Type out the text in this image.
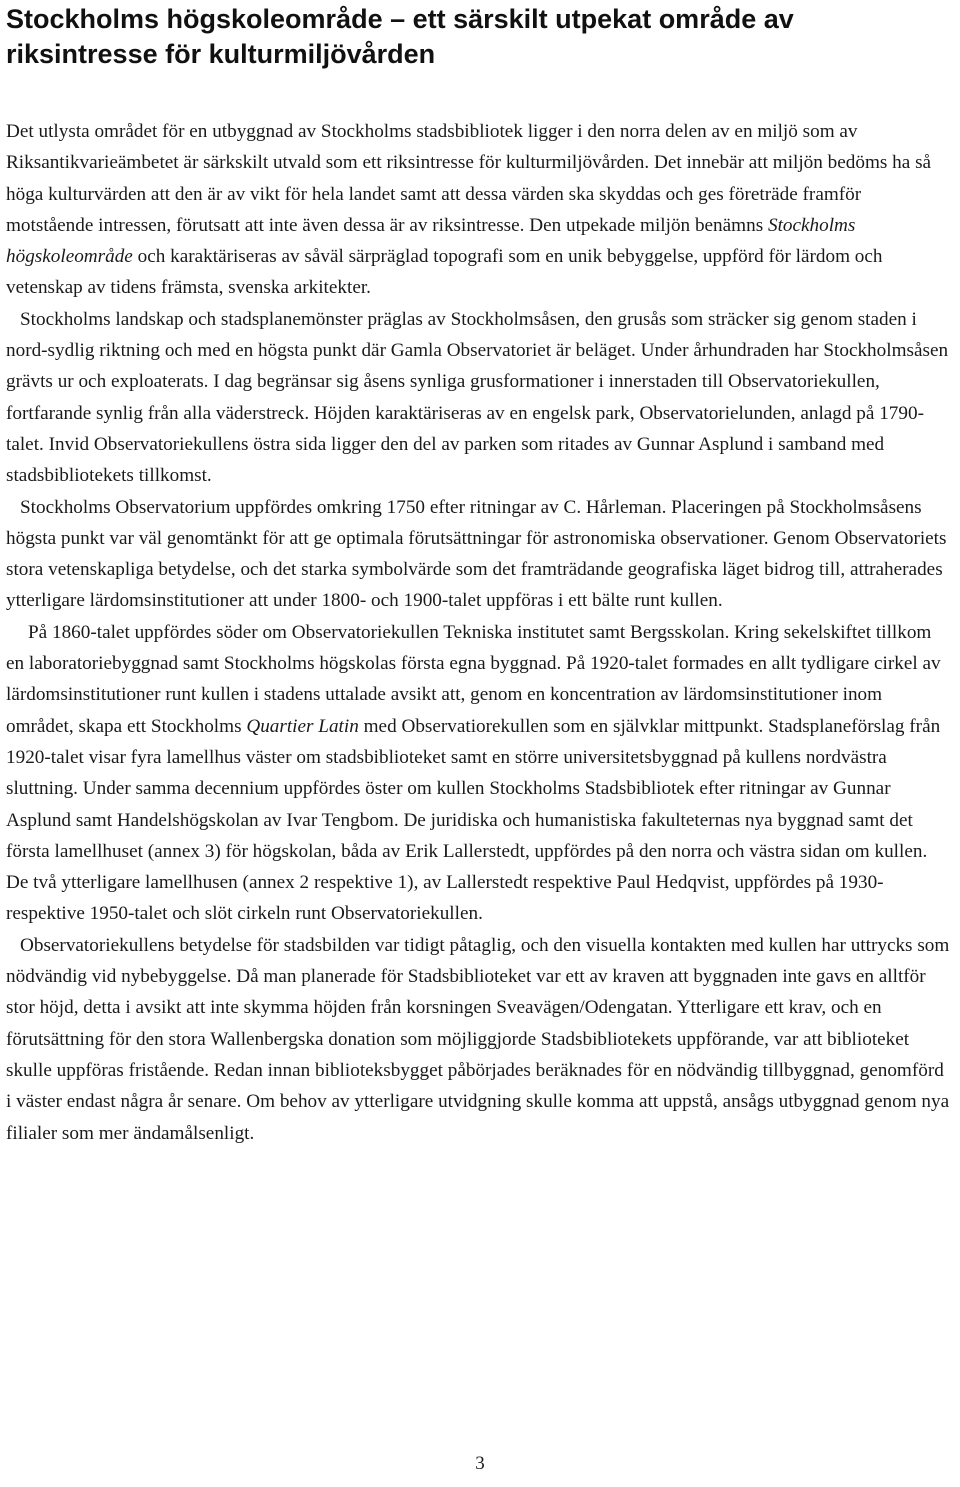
Stockholms högskoleområde – ett särskilt utpekat område av riksintresse för kulturmiljövården

Det utlysta området för en utbyggnad av Stockholms stadsbibliotek ligger i den norra delen av en miljö som av Riksantikvarieämbetet är särkskilt utvald som ett riksintresse för kulturmiljövården. Det innebär att miljön bedöms ha så höga kulturvärden att den är av vikt för hela landet samt att dessa värden ska skyddas och ges företräde framför motstående intressen, förutsatt att inte även dessa är av riksintresse. Den utpekade miljön benämns Stockholms högskoleområde och karaktäriseras av såväl särpräglad topografi som en unik bebyggelse, uppförd för lärdom och vetenskap av tidens främsta, svenska arkitekter.

Stockholms landskap och stadsplanemönster präglas av Stockholmsåsen, den grusås som sträcker sig genom staden i nord-sydlig riktning och med en högsta punkt där Gamla Observatoriet är beläget. Under århundraden har Stockholmsåsen grävts ur och exploaterats. I dag begränsar sig åsens synliga grusformationer i innerstaden till Observatoriekullen, fortfarande synlig från alla väderstreck. Höjden karaktäriseras av en engelsk park, Observatorielunden, anlagd på 1790-talet. Invid Observatoriekullens östra sida ligger den del av parken som ritades av Gunnar Asplund i samband med stadsbibliotekets tillkomst.

Stockholms Observatorium uppfördes omkring 1750 efter ritningar av C. Hårleman. Placeringen på Stockholmsåsens högsta punkt var väl genomtänkt för att ge optimala förutsättningar för astronomiska observationer. Genom Observatoriets stora vetenskapliga betydelse, och det starka symbolvärde som det framträdande geografiska läget bidrog till, attraherades ytterligare lärdomsinstitutioner att under 1800- och 1900-talet uppföras i ett bälte runt kullen.

På 1860-talet uppfördes söder om Observatoriekullen Tekniska institutet samt Bergsskolan. Kring sekelskiftet tillkom en laboratoriebyggnad samt Stockholms högskolas första egna byggnad. På 1920-talet formades en allt tydligare cirkel av lärdomsinstitutioner runt kullen i stadens uttalade avsikt att, genom en koncentration av lärdomsinstitutioner inom området, skapa ett Stockholms Quartier Latin med Observatiorekullen som en självklar mittpunkt. Stadsplaneförslag från 1920-talet visar fyra lamellhus väster om stadsbiblioteket samt en större universitetsbyggnad på kullens nordvästra sluttning. Under samma decennium uppfördes öster om kullen Stockholms Stadsbibliotek efter ritningar av Gunnar Asplund samt Handelshögskolan av Ivar Tengbom. De juridiska och humanistiska fakulteternas nya byggnad samt det första lamellhuset (annex 3) för högskolan, båda av Erik Lallerstedt, uppfördes på den norra och västra sidan om kullen. De två ytterligare lamellhusen (annex 2 respektive 1), av Lallerstedt respektive Paul Hedqvist, uppfördes på 1930- respektive 1950-talet och slöt cirkeln runt Observatoriekullen.

Observatoriekullens betydelse för stadsbilden var tidigt påtaglig, och den visuella kontakten med kullen har uttrycks som nödvändig vid nybebyggelse. Då man planerade för Stadsbiblioteket var ett av kraven att byggnaden inte gavs en alltför stor höjd, detta i avsikt att inte skymma höjden från korsningen Sveavägen/Odengatan. Ytterligare ett krav, och en förutsättning för den stora Wallenbergska donation som möjliggjorde Stadsbibliotekets uppförande, var att biblioteket skulle uppföras fristående. Redan innan biblioteksbygget påbörjades beräknades för en nödvändig tillbyggnad, genomförd i väster endast några år senare. Om behov av ytterligare utvidgning skulle komma att uppstå, ansågs utbyggnad genom nya filialer som mer ändamålsenligt.

3
